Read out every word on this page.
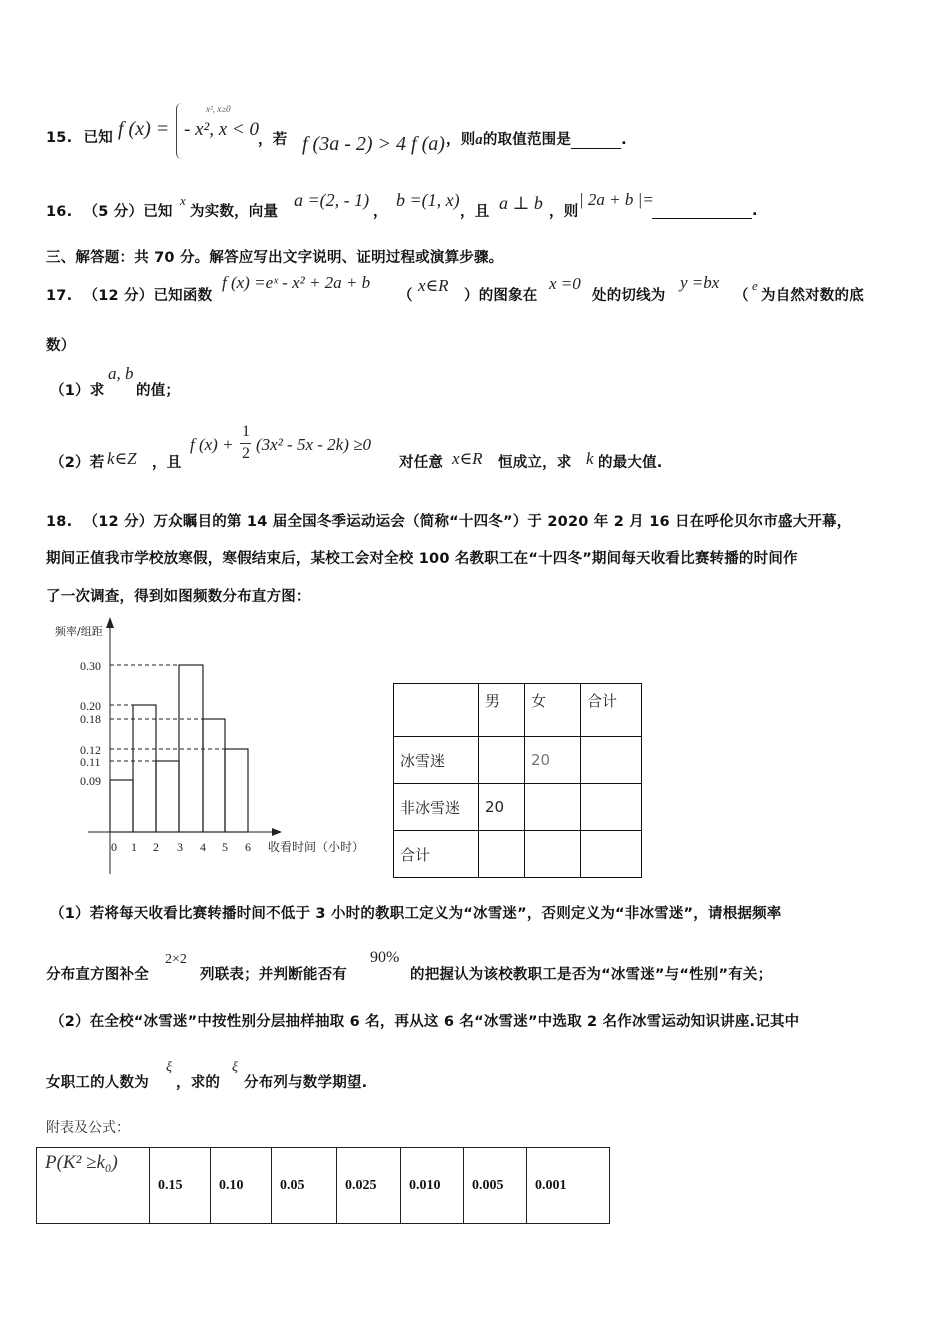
15. 已知 f (x) =
x², x≥0
- x², x < 0 ，若 f (3a - 2) > 4 f (a) ，则a的取值范围是	.
16. （5 分）已知
x
为实数，向量
a =(2, - 1)
，
b =(1, x)
，且 a ⊥ b ，则
| 2a + b |=
.
三、解答题：共 70 分。解答应写出文字说明、证明过程或演算步骤。
17. （12 分）已知函数
f (x) =eˣ - x² + 2a + b
（
x∈R
）的图象在
x =0
处的切线为
y =bx
（
e
为自然对数的底
数）
（1）求
a, b
的值；
（2）若 k∈Z ，且
f (x) +
1
2 (3x² - 5x - 2k) ≥0
对任意 x∈R 恒成立，求 k 的最大值.
18. （12 分）万众瞩目的第 14 届全国冬季运动运会（简称“十四冬”）于 2020 年 2 月 16 日在呼伦贝尔市盛大开幕，
期间正值我市学校放寒假，寒假结束后，某校工会对全校 100 名教职工在“十四冬”期间每天收看比赛转播的时间作
了一次调查，得到如图频数分布直方图：
0.30
0.20
0.18
0.12
0.11
0.09
0 1 2 3 4 5 6
频率/组距
收看时间（小时）
	男	女	合计
冰雪迷		20	
非冰雪迷	20		
合计			
（1）若将每天收看比赛转播时间不低于 3 小时的教职工定义为“冰雪迷”，否则定义为“非冰雪迷”，请根据频率
分布直方图补全
2×2
列联表；并判断能否有
90%
的把握认为该校教职工是否为“冰雪迷”与“性别”有关；
（2）在全校“冰雪迷”中按性别分层抽样抽取 6 名，再从这 6 名“冰雪迷”中选取 2 名作冰雪运动知识讲座.记其中
女职工的人数为
ξ
，求的
ξ
分布列与数学期望.
附表及公式：
P(K² ≥k₀)	0.15	0.10	0.05	0.025	0.010	0.005	0.001
